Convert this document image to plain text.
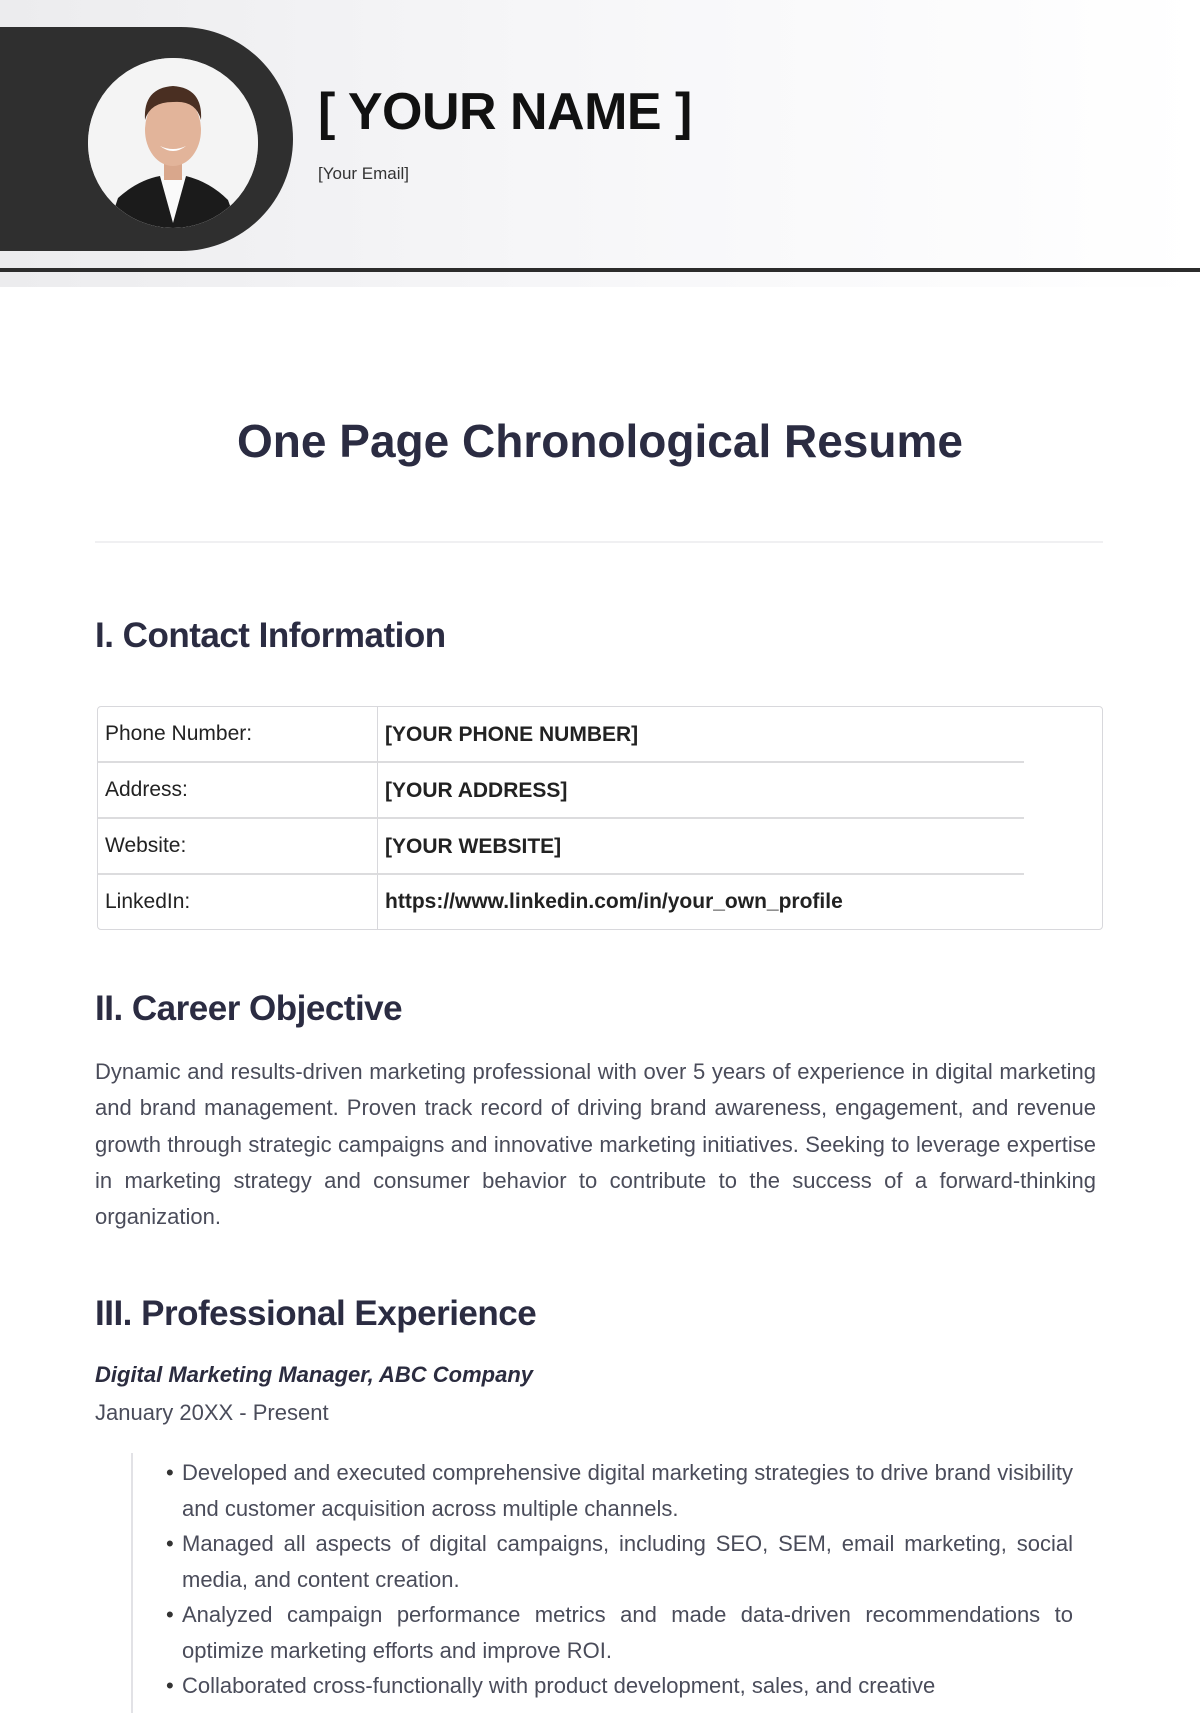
[ YOUR NAME ]
[Your Email]
One Page Chronological Resume
I. Contact Information
Phone Number:	[YOUR PHONE NUMBER]
Address:	[YOUR ADDRESS]
Website:	[YOUR WEBSITE]
LinkedIn:	https://www.linkedin.com/in/your_own_profile
II. Career Objective
Dynamic and results-driven marketing professional with over 5 years of experience in digital marketing and brand management. Proven track record of driving brand awareness, engagement, and revenue growth through strategic campaigns and innovative marketing initiatives. Seeking to leverage expertise in marketing strategy and consumer behavior to contribute to the success of a forward-thinking organization.
III. Professional Experience
Digital Marketing Manager, ABC Company
January 20XX - Present
• Developed and executed comprehensive digital marketing strategies to drive brand visibility and customer acquisition across multiple channels.
• Managed all aspects of digital campaigns, including SEO, SEM, email marketing, social media, and content creation.
• Analyzed campaign performance metrics and made data-driven recommendations to optimize marketing efforts and improve ROI.
• Collaborated cross-functionally with product development, sales, and creative
